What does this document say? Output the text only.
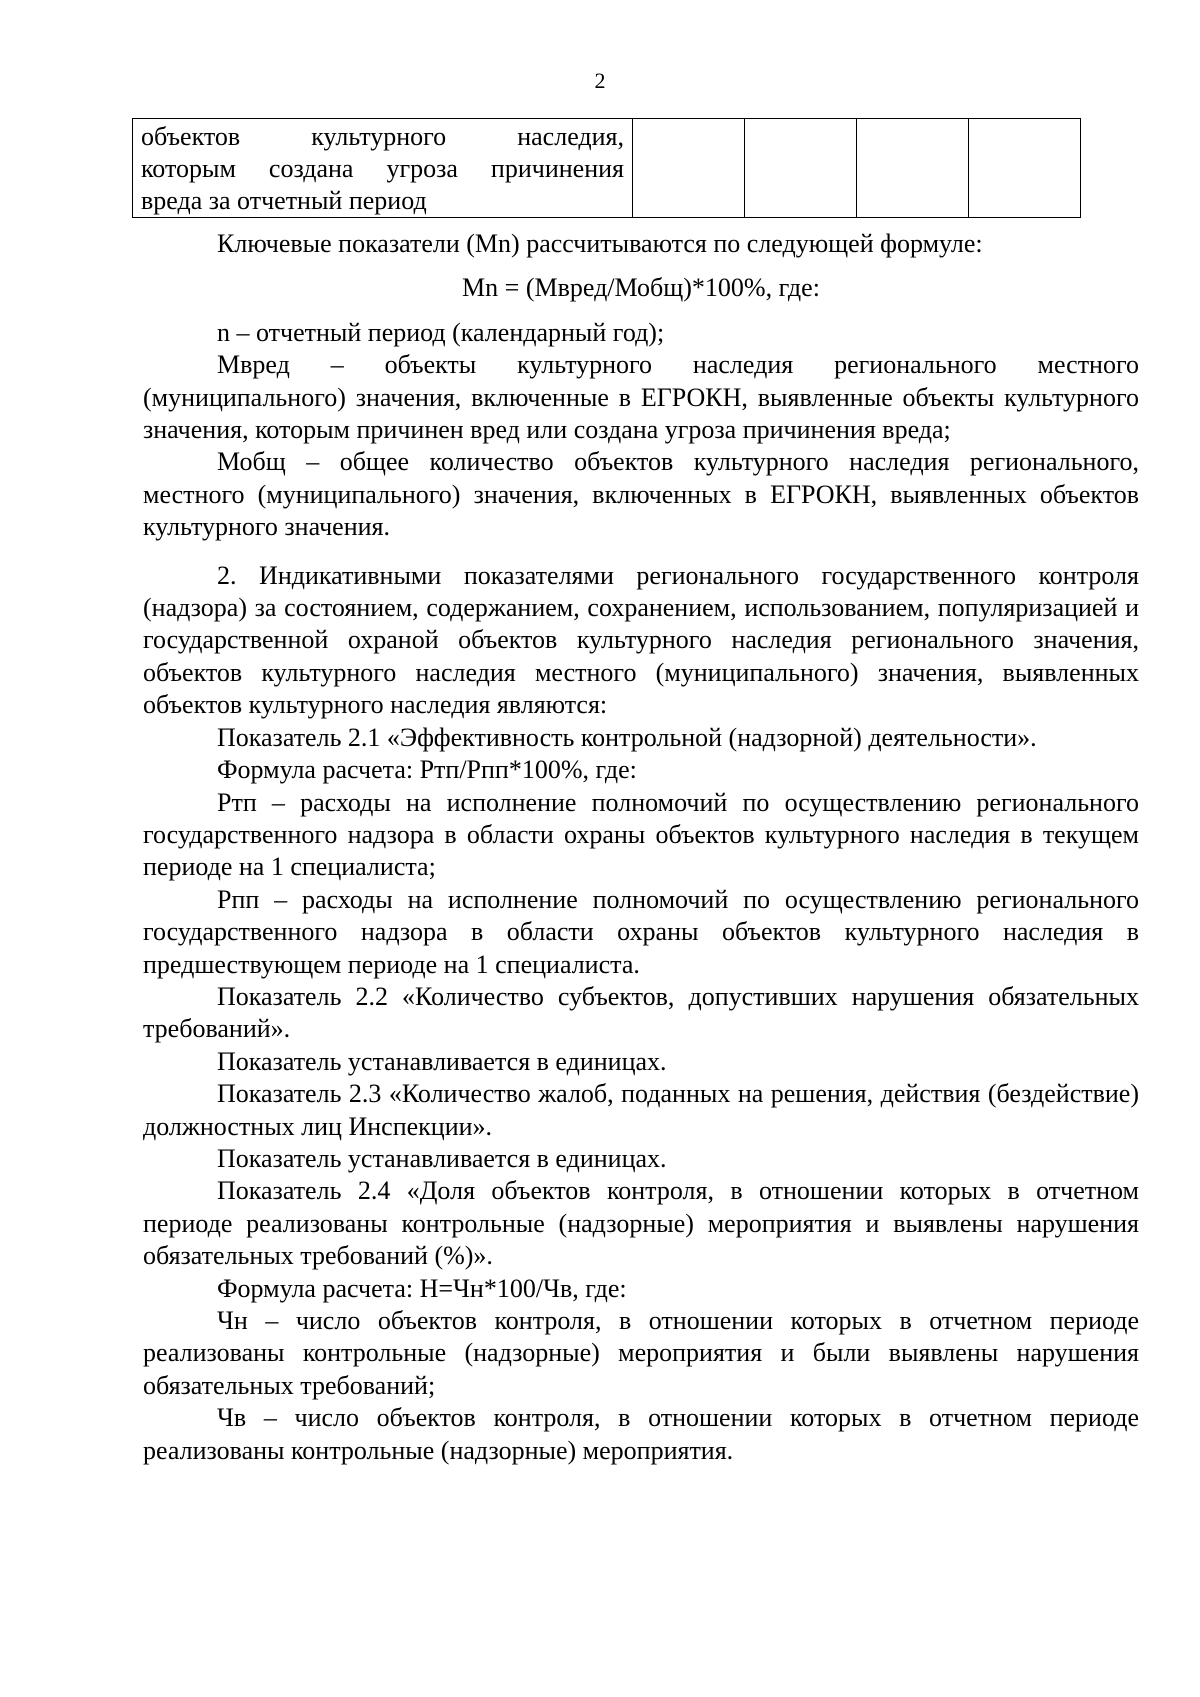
2
объектов культурного наследия,
которым создана угроза причинения
вреда за отчетный период

Ключевые показатели (Мn) рассчитываются по следующей формуле:

Мn = (Мвред/Мобщ)*100%, где:

n – отчетный период (календарный год);

Мвред – объекты культурного наследия регионального местного (муниципального) значения, включенные в ЕГРОКН, выявленные объекты культурного значения, которым причинен вред или создана угроза причинения вреда;

Мобщ – общее количество объектов культурного наследия регионального, местного (муниципального) значения, включенных в ЕГРОКН, выявленных объектов культурного значения.

2. Индикативными показателями регионального государственного контроля (надзора) за состоянием, содержанием, сохранением, использованием, популяризацией и государственной охраной объектов культурного наследия регионального значения, объектов культурного наследия местного (муниципального) значения, выявленных объектов культурного наследия являются:

Показатель 2.1 «Эффективность контрольной (надзорной) деятельности».

Формула расчета: Ртп/Рпп*100%, где:

Ртп – расходы на исполнение полномочий по осуществлению регионального государственного надзора в области охраны объектов культурного наследия в текущем периоде на 1 специалиста;

Рпп – расходы на исполнение полномочий по осуществлению регионального государственного надзора в области охраны объектов культурного наследия в предшествующем периоде на 1 специалиста.

Показатель 2.2 «Количество субъектов, допустивших нарушения обязательных требований».

Показатель устанавливается в единицах.

Показатель 2.3 «Количество жалоб, поданных на решения, действия (бездействие) должностных лиц Инспекции».

Показатель устанавливается в единицах.

Показатель 2.4 «Доля объектов контроля, в отношении которых в отчетном периоде реализованы контрольные (надзорные) мероприятия и выявлены нарушения обязательных требований (%)».

Формула расчета: Н=Чн*100/Чв, где:

Чн – число объектов контроля, в отношении которых в отчетном периоде реализованы контрольные (надзорные) мероприятия и были выявлены нарушения обязательных требований;

Чв – число объектов контроля, в отношении которых в отчетном периоде реализованы контрольные (надзорные) мероприятия.
